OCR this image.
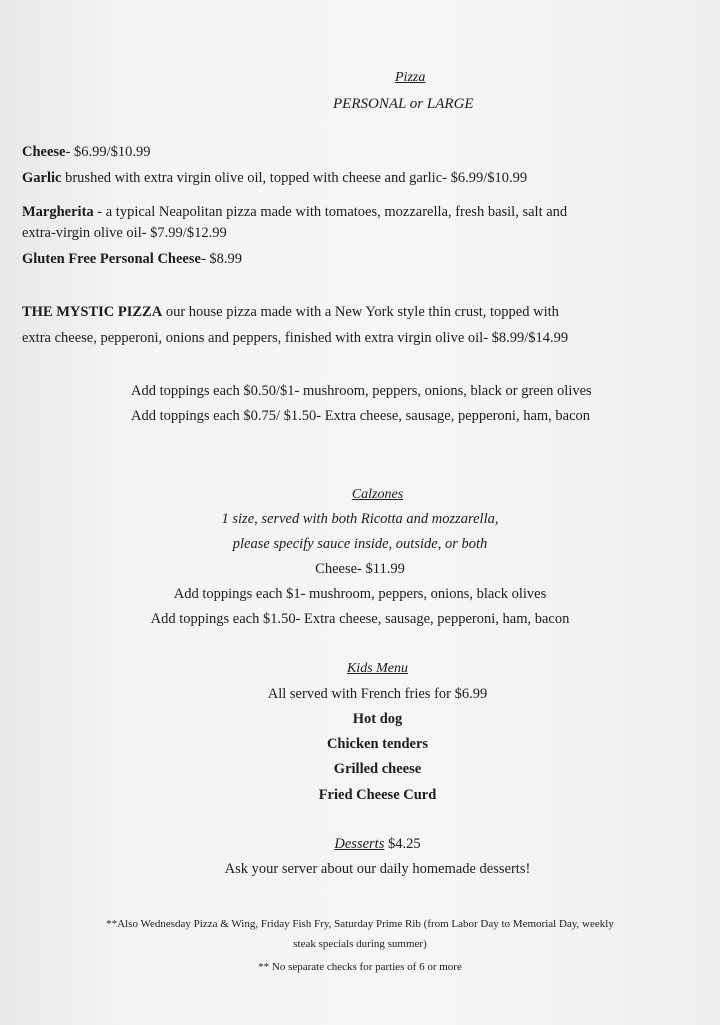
Pizza
PERSONAL or LARGE
Cheese- $6.99/$10.99
Garlic brushed with extra virgin olive oil, topped with cheese and garlic- $6.99/$10.99
Margherita - a typical Neapolitan pizza made with tomatoes, mozzarella, fresh basil, salt and
extra-virgin olive oil- $7.99/$12.99
Gluten Free Personal Cheese- $8.99
THE MYSTIC PIZZA our house pizza made with a New York style thin crust, topped with
extra cheese, pepperoni, onions and peppers, finished with extra virgin olive oil- $8.99/$14.99
Add toppings each $0.50/$1- mushroom, peppers, onions, black or green olives
Add toppings each $0.75/ $1.50- Extra cheese, sausage, pepperoni, ham, bacon
Calzones
1 size, served with both Ricotta and mozzarella,
please specify sauce inside, outside, or both
Cheese- $11.99
Add toppings each $1- mushroom, peppers, onions, black olives
Add toppings each $1.50- Extra cheese, sausage, pepperoni, ham, bacon
Kids Menu
All served with French fries for $6.99
Hot dog
Chicken tenders
Grilled cheese
Fried Cheese Curd
Desserts $4.25
Ask your server about our daily homemade desserts!
**Also Wednesday Pizza & Wing, Friday Fish Fry, Saturday Prime Rib (from Labor Day to Memorial Day, weekly
steak specials during summer)
** No separate checks for parties of 6 or more
